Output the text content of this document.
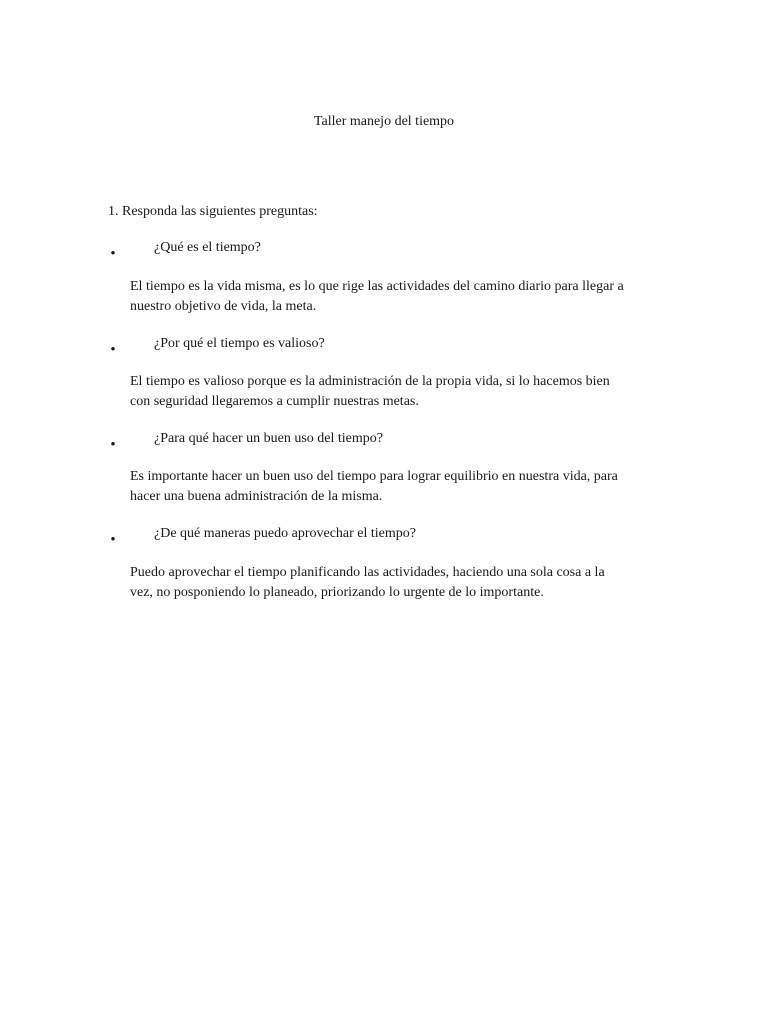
Taller manejo del tiempo
1. Responda las siguientes preguntas:
•	¿Qué es el tiempo?
El tiempo es la vida misma, es lo que rige las actividades del camino diario para llegar a
nuestro objetivo de vida, la meta.
•	¿Por qué el tiempo es valioso?
El tiempo es valioso porque es la administración de la propia vida, si lo hacemos bien
con seguridad llegaremos a cumplir nuestras metas.
•	¿Para qué hacer un buen uso del tiempo?
Es importante hacer un buen uso del tiempo para lograr equilibrio en nuestra vida, para
hacer una buena administración de la misma.
•	¿De qué maneras puedo aprovechar el tiempo?
Puedo aprovechar el tiempo planificando las actividades, haciendo una sola cosa a la
vez, no posponiendo lo planeado, priorizando lo urgente de lo importante.
